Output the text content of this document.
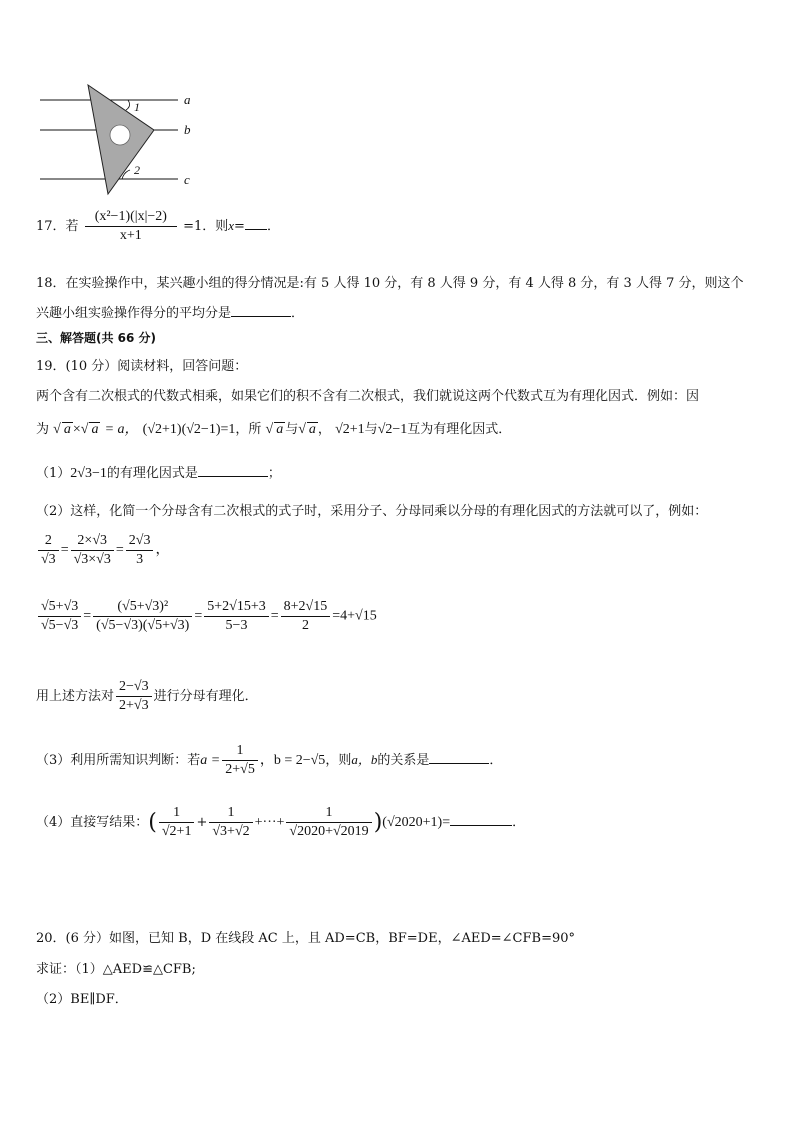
1
2
a
b
c
17．若 $\frac{\text{(x²−1)(|x|−2)}}{x+1} =1$．则x= ．
18．在实验操作中，某兴趣小组的得分情况是:有 5 人得 10 分，有 8 人得 9 分，有 4 人得 8 分，有 3 人得 7 分，则这个
兴趣小组实验操作得分的平均分是	．
三、解答题(共 66 分)
19．(10 分）阅读材料，回答问题：
两个含有二次根式的代数式相乘，如果它们的积不含有二次根式，我们就说这两个代数式互为有理化因式．例如：因
为 √ a × √ a = a， (√2+1)(√2−1)=1，所 √ a 与 √ a ， √2+1与√2−1互为有理化因式．
（1）2√3−1的有理化因式是	；
（2）这样，化简一个分母含有二次根式的式子时，采用分子、分母同乘以分母的有理化因式的方法就可以了，例如：
$\frac{2}{√3} = \frac{2\times√3}{√3\times√3} = \frac{2√3}{3}$ ，
$\frac{√5+√3}{√5-√3} = \frac{\text{(√5+√3)²}}{(√5-√3)(√5+√3)} = \frac{5+2√15+3}{5-3} = \frac{8+2√15}{2} =4+√15$
用上述方法对 $\frac{2-√3}{2+√3}$ 进行分母有理化．
（3）利用所需知识判断：若$a = \frac{1}{2+√5}$ ，b = 2−√5，则a，b的关系是	．
（4）直接写结果：( $\frac{1}{√2+1} + \frac{1}{√3+√2}$ +···+ $\frac{1}{√2020+√2019} )(√2020+1)=$	．
20．(6 分）如图，已知 B，D 在线段 AC 上，且 AD=CB，BF=DE，∠AED=∠CFB=90°
求证：（1）△AED≌△CFB;
（2）BE∥DF．
